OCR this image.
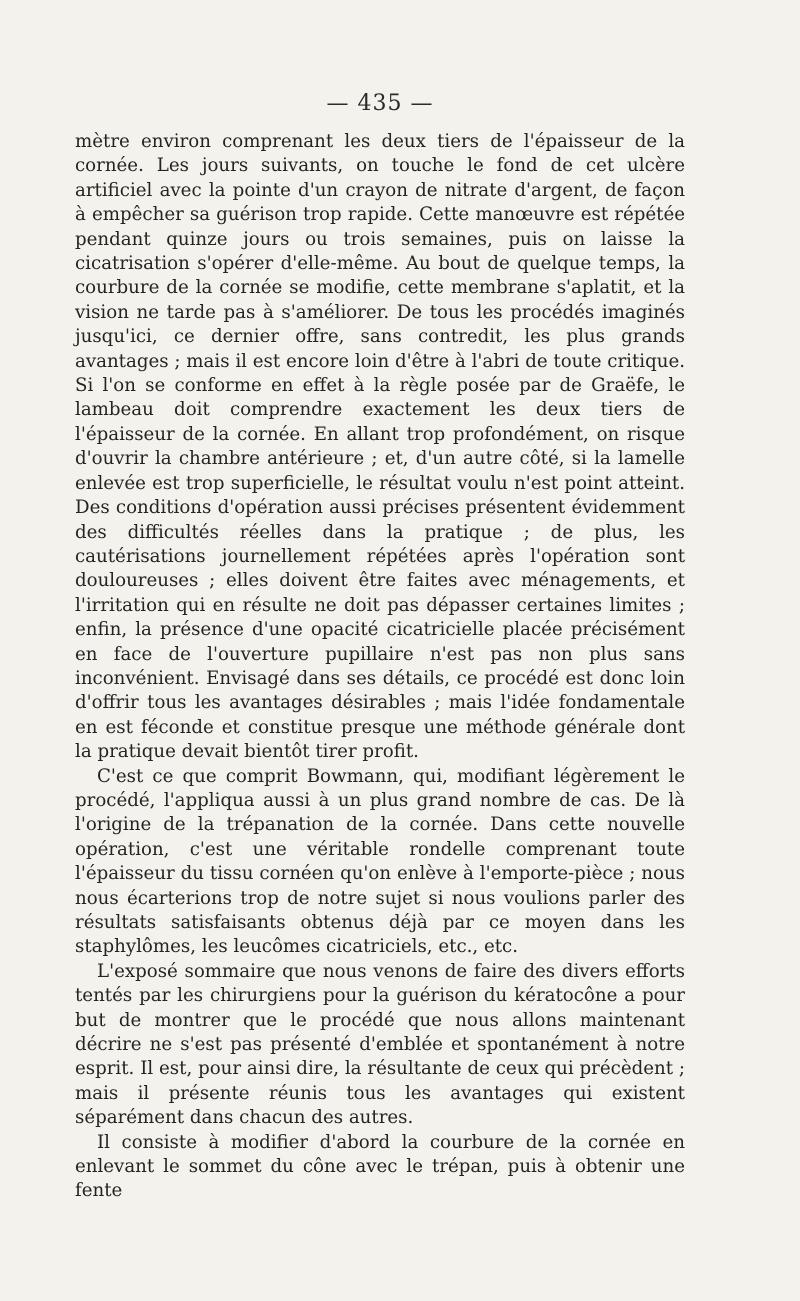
— 435 —

mètre environ comprenant les deux tiers de l'épaisseur de la cornée. Les jours suivants, on touche le fond de cet ulcère artificiel avec la pointe d'un crayon de nitrate d'argent, de façon à empêcher sa guérison trop rapide. Cette manœuvre est répétée pendant quinze jours ou trois semaines, puis on laisse la cicatrisation s'opérer d'elle-même. Au bout de quelque temps, la courbure de la cornée se modifie, cette membrane s'aplatit, et la vision ne tarde pas à s'améliorer. De tous les procédés imaginés jusqu'ici, ce dernier offre, sans contredit, les plus grands avantages ; mais il est encore loin d'être à l'abri de toute critique. Si l'on se conforme en effet à la règle posée par de Graëfe, le lambeau doit comprendre exactement les deux tiers de l'épaisseur de la cornée. En allant trop profondément, on risque d'ouvrir la chambre antérieure ; et, d'un autre côté, si la lamelle enlevée est trop superficielle, le résultat voulu n'est point atteint. Des conditions d'opération aussi précises présentent évidemment des difficultés réelles dans la pratique ; de plus, les cautérisations journellement répétées après l'opération sont douloureuses ; elles doivent être faites avec ménagements, et l'irritation qui en résulte ne doit pas dépasser certaines limites ; enfin, la présence d'une opacité cicatricielle placée précisément en face de l'ouverture pupillaire n'est pas non plus sans inconvénient. Envisagé dans ses détails, ce procédé est donc loin d'offrir tous les avantages désirables ; mais l'idée fondamentale en est féconde et constitue presque une méthode générale dont la pratique devait bientôt tirer profit.

C'est ce que comprit Bowmann, qui, modifiant légèrement le procédé, l'appliqua aussi à un plus grand nombre de cas. De là l'origine de la trépanation de la cornée. Dans cette nouvelle opération, c'est une véritable rondelle comprenant toute l'épaisseur du tissu cornéen qu'on enlève à l'emporte-pièce ; nous nous écarterions trop de notre sujet si nous voulions parler des résultats satisfaisants obtenus déjà par ce moyen dans les staphylômes, les leucômes cicatriciels, etc., etc.

L'exposé sommaire que nous venons de faire des divers efforts tentés par les chirurgiens pour la guérison du kératocône a pour but de montrer que le procédé que nous allons maintenant décrire ne s'est pas présenté d'emblée et spontanément à notre esprit. Il est, pour ainsi dire, la résultante de ceux qui précèdent ; mais il présente réunis tous les avantages qui existent séparément dans chacun des autres.

Il consiste à modifier d'abord la courbure de la cornée en enlevant le sommet du cône avec le trépan, puis à obtenir une fente
